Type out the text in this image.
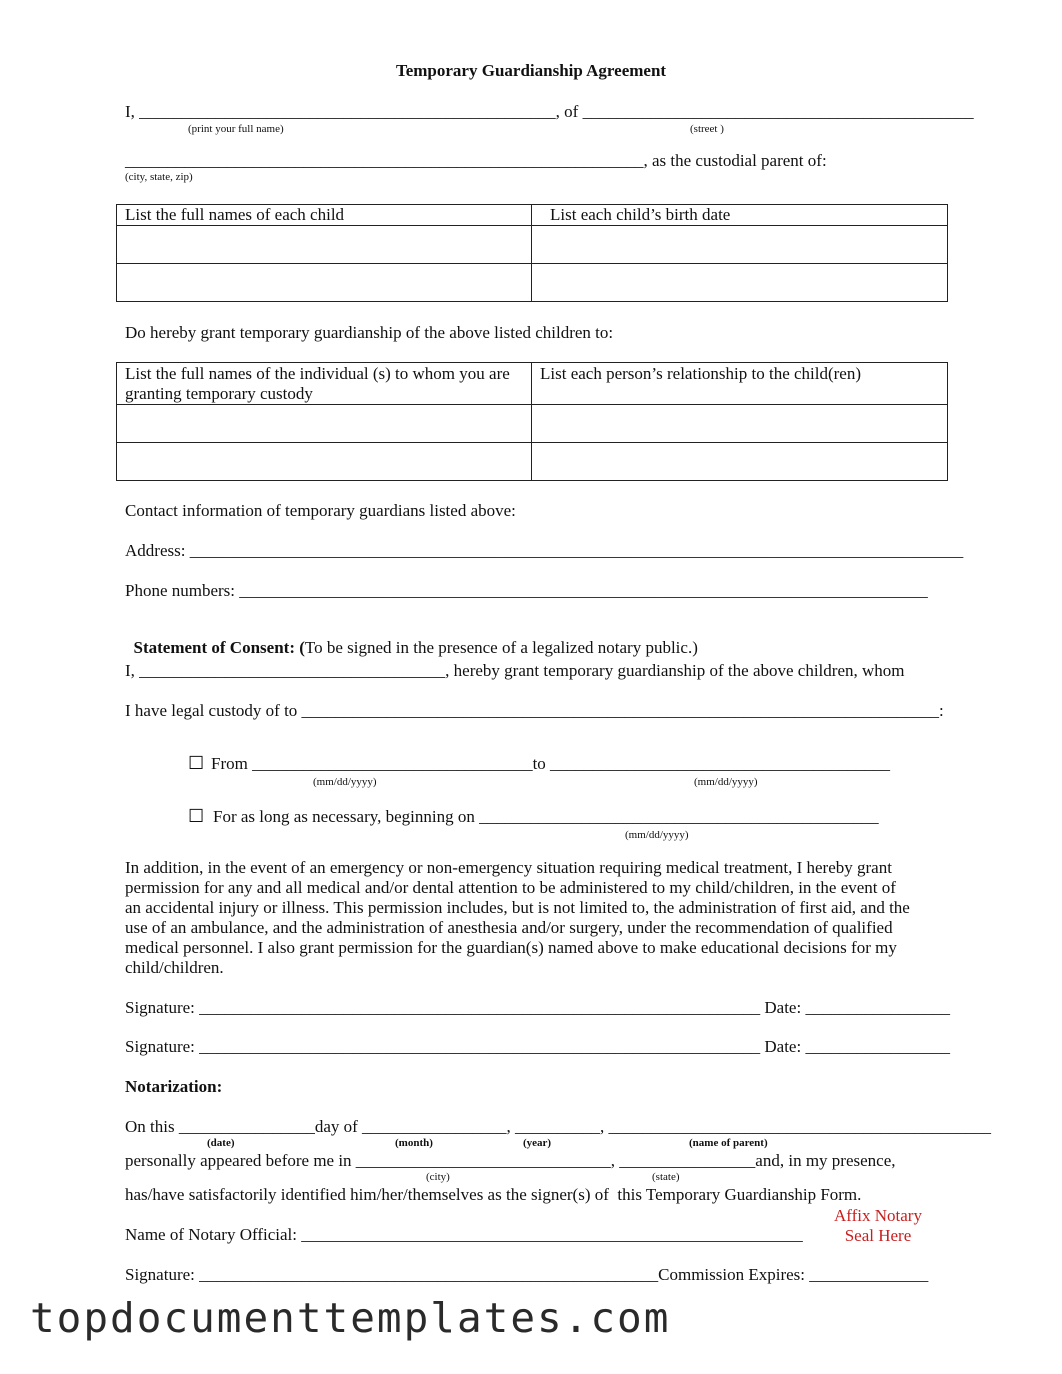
Temporary Guardianship Agreement
I, _________________________________________________, of ______________________________________________
(print your full name)	(street )
_____________________________________________________________, as the custodial parent of:
(city, state, zip)
List the full names of each child	List each child’s birth date

Do hereby grant temporary guardianship of the above listed children to:
List the full names of the individual (s) to whom you are granting temporary custody	List each person’s relationship to the child(ren)

Contact information of temporary guardians listed above:
Address: ___________________________________________________________________________________________
Phone numbers: _________________________________________________________________________________

Statement of Consent: (To be signed in the presence of a legalized notary public.)

I, ____________________________________, hereby grant temporary guardianship of the above children, whom
I have legal custody of to ___________________________________________________________________________:
☐ From _________________________________to ________________________________________
(mm/dd/yyyy)	(mm/dd/yyyy)
☐ For as long as necessary, beginning on _______________________________________________
(mm/dd/yyyy)
In addition, in the event of an emergency or non-emergency situation requiring medical treatment, I hereby grant
permission for any and all medical and/or dental attention to be administered to my child/children, in the event of
an accidental injury or illness. This permission includes, but is not limited to, the administration of first aid, and the
use of an ambulance, and the administration of anesthesia and/or surgery, under the recommendation of qualified
medical personnel. I also grant permission for the guardian(s) named above to make educational decisions for my
child/children.
Signature: __________________________________________________________________ Date: _________________
Signature: __________________________________________________________________ Date: _________________
Notarization:
On this ________________day of _________________, __________, _____________________________________________
(date)	(month)	(year)	(name of parent)
personally appeared before me in ______________________________, ________________and, in my presence,
(city)	(state)
has/have satisfactorily identified him/her/themselves as the signer(s) of  this Temporary Guardianship Form.
Affix Notary
Seal Here
Name of Notary Official: ___________________________________________________________
Signature: ______________________________________________________Commission Expires: ______________
topdocumenttemplates.com
